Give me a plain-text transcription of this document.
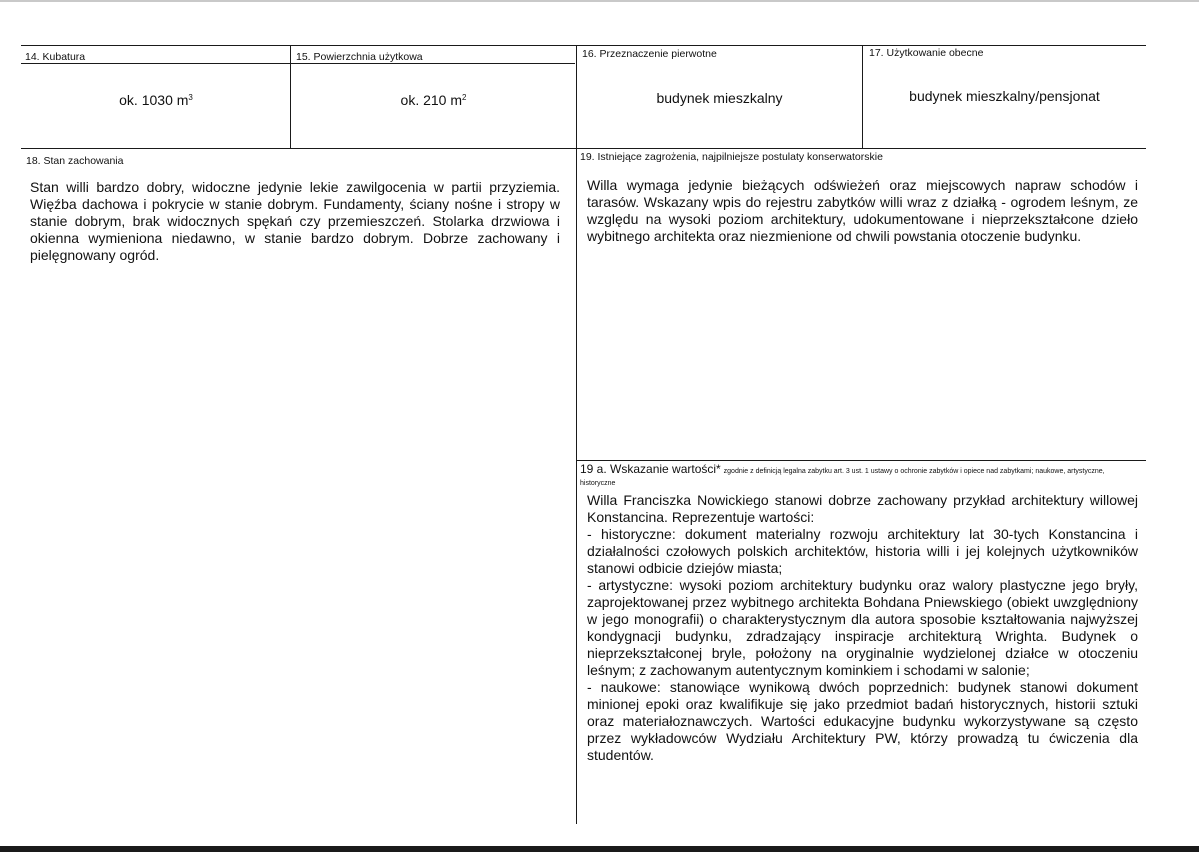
14. Kubatura
ok. 1030 $m^3$
15. Powierzchnia użytkowa
ok. 210 $m^2$
16. Przeznaczenie pierwotne
budynek mieszkalny
17. Użytkowanie obecne
budynek mieszkalny/pensjonat
18. Stan zachowania
Stan willi bardzo dobry, widoczne jedynie lekie zawilgocenia w partii przyziemia. Więźba dachowa i pokrycie w stanie dobrym. Fundamenty, ściany nośne i stropy w stanie dobrym, brak widocznych spękań czy przemieszczeń. Stolarka drzwiowa i okienna wymieniona niedawno, w stanie bardzo dobrym. Dobrze zachowany i pielęgnowany ogród.
19. Istniejące zagrożenia, najpilniejsze postulaty konserwatorskie
Willa wymaga jedynie bieżących odświeżeń oraz miejscowych napraw schodów i tarasów. Wskazany wpis do rejestru zabytków willi wraz z działką - ogrodem leśnym, ze względu na wysoki poziom architektury, udokumentowane i nieprzekształcone dzieło wybitnego architekta oraz niezmienione od chwili powstania otoczenie budynku.
19 a. Wskazanie wartości* zgodnie z definicją legalna zabytku art. 3 ust. 1 ustawy o ochronie zabytków i opiece nad zabytkami; naukowe, artystyczne, historyczne
Willa Franciszka Nowickiego stanowi dobrze zachowany przykład architektury willowej Konstancina. Reprezentuje wartości:
- historyczne: dokument materialny rozwoju architektury lat 30-tych Konstancina i działalności czołowych polskich architektów, historia willi i jej kolejnych użytkowników stanowi odbicie dziejów miasta;
- artystyczne: wysoki poziom architektury budynku oraz walory plastyczne jego bryły, zaprojektowanej przez wybitnego architekta Bohdana Pniewskiego (obiekt uwzględniony w jego monografii) o charakterystycznym dla autora sposobie kształtowania najwyższej kondygnacji budynku, zdradzający inspiracje architekturą Wrighta. Budynek o nieprzekształconej bryle, położony na oryginalnie wydzielonej działce w otoczeniu leśnym; z zachowanym autentycznym kominkiem i schodami w salonie;
- naukowe: stanowiące wynikową dwóch poprzednich: budynek stanowi dokument minionej epoki oraz kwalifikuje się jako przedmiot badań historycznych, historii sztuki oraz materiałoznawczych. Wartości edukacyjne budynku wykorzystywane są często przez wykładowców Wydziału Architektury PW, którzy prowadzą tu ćwiczenia dla studentów.
